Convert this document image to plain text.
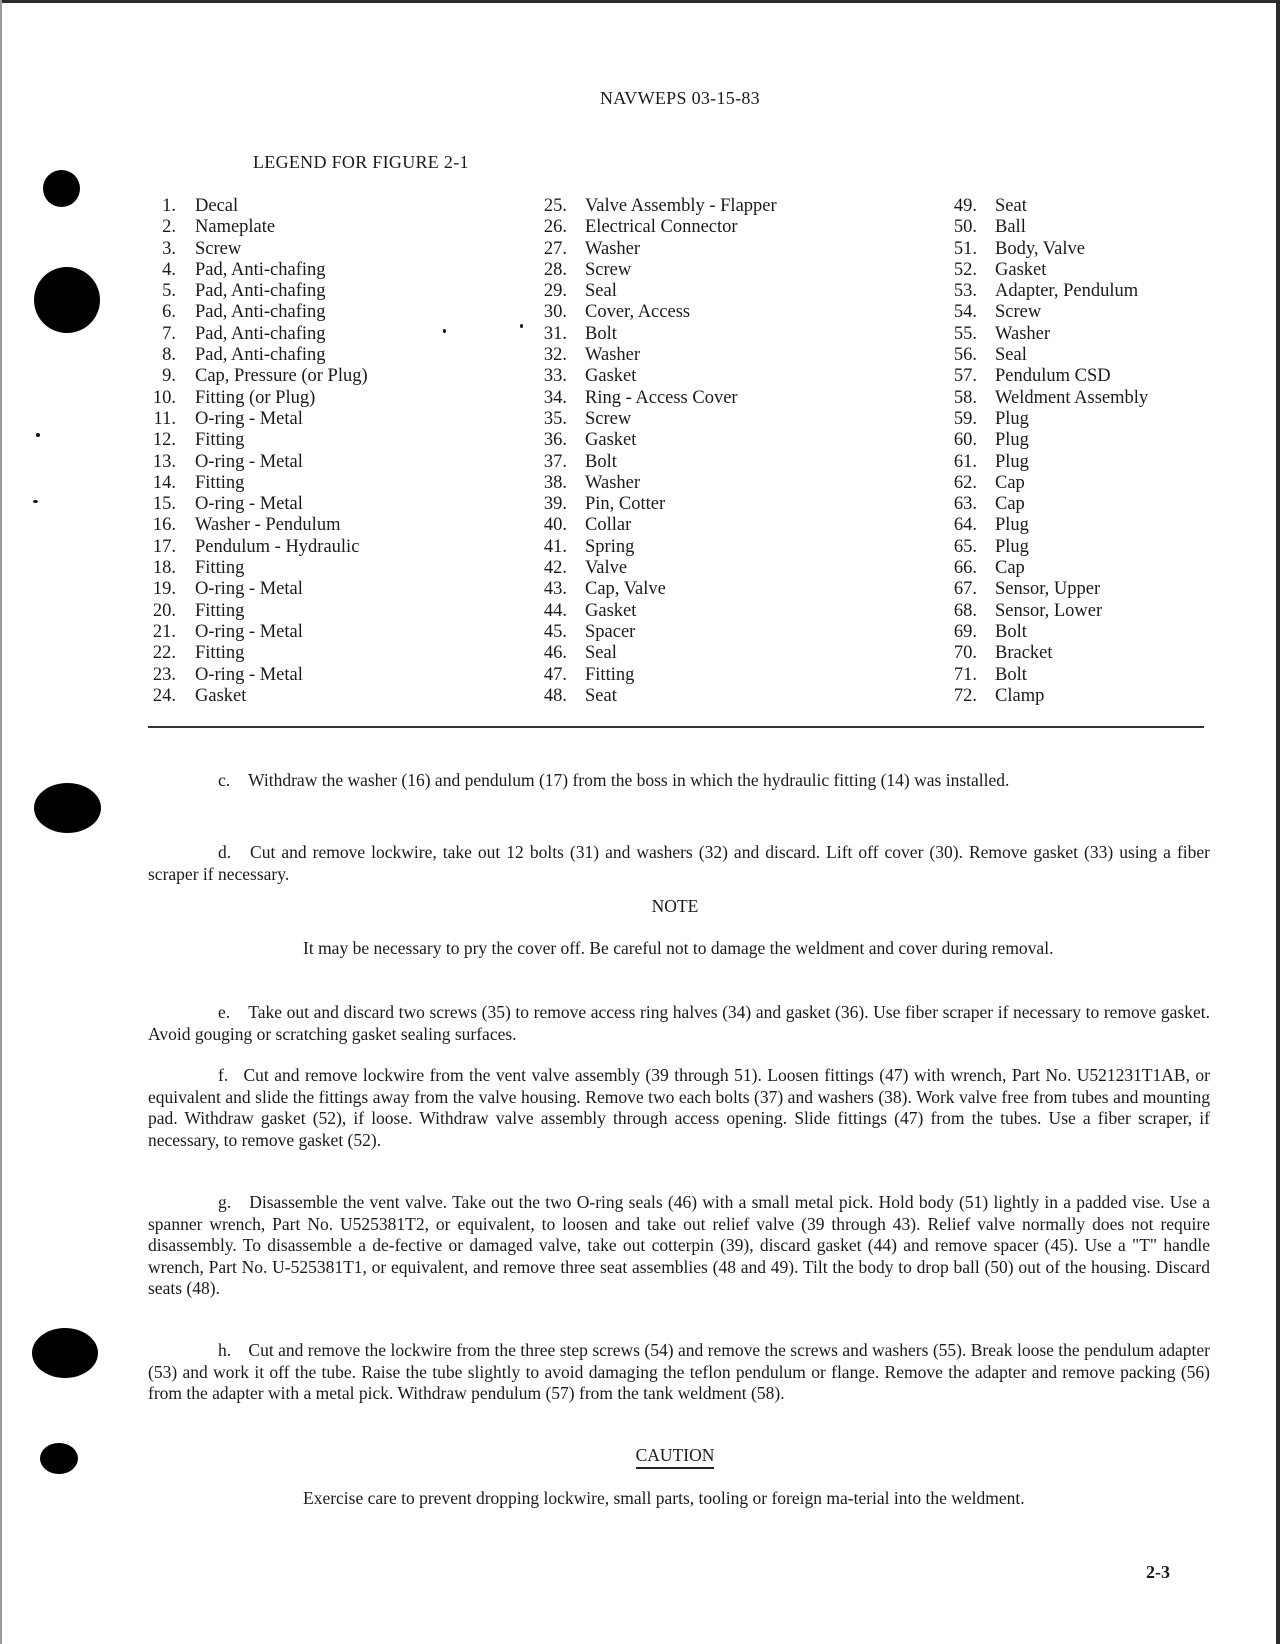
NAVWEPS 03-15-83
LEGEND FOR FIGURE 2-1
1. Decal
2. Nameplate
3. Screw
4. Pad, Anti-chafing
5. Pad, Anti-chafing
6. Pad, Anti-chafing
7. Pad, Anti-chafing
8. Pad, Anti-chafing
9. Cap, Pressure (or Plug)
10. Fitting (or Plug)
11. O-ring - Metal
12. Fitting
13. O-ring - Metal
14. Fitting
15. O-ring - Metal
16. Washer - Pendulum
17. Pendulum - Hydraulic
18. Fitting
19. O-ring - Metal
20. Fitting
21. O-ring - Metal
22. Fitting
23. O-ring - Metal
24. Gasket
25. Valve Assembly - Flapper
26. Electrical Connector
27. Washer
28. Screw
29. Seal
30. Cover, Access
31. Bolt
32. Washer
33. Gasket
34. Ring - Access Cover
35. Screw
36. Gasket
37. Bolt
38. Washer
39. Pin, Cotter
40. Collar
41. Spring
42. Valve
43. Cap, Valve
44. Gasket
45. Spacer
46. Seal
47. Fitting
48. Seat
49. Seat
50. Ball
51. Body, Valve
52. Gasket
53. Adapter, Pendulum
54. Screw
55. Washer
56. Seal
57. Pendulum CSD
58. Weldment Assembly
59. Plug
60. Plug
61. Plug
62. Cap
63. Cap
64. Plug
65. Plug
66. Cap
67. Sensor, Upper
68. Sensor, Lower
69. Bolt
70. Bracket
71. Bolt
72. Clamp
c. Withdraw the washer (16) and pendulum (17) from the boss in which the hydraulic fitting (14) was installed.
d. Cut and remove lockwire, take out 12 bolts (31) and washers (32) and discard. Lift off cover (30). Remove gasket (33) using a fiber scraper if necessary.
NOTE
It may be necessary to pry the cover off. Be careful not to damage the weldment and cover during removal.
e. Take out and discard two screws (35) to remove access ring halves (34) and gasket (36). Use fiber scraper if necessary to remove gasket. Avoid gouging or scratching gasket sealing surfaces.
f. Cut and remove lockwire from the vent valve assembly (39 through 51). Loosen fittings (47) with wrench, Part No. U521231T1AB, or equivalent and slide the fittings away from the valve housing. Remove two each bolts (37) and washers (38). Work valve free from tubes and mounting pad. Withdraw gasket (52), if loose. Withdraw valve assembly through access opening. Slide fittings (47) from the tubes. Use a fiber scraper, if necessary, to remove gasket (52).
g. Disassemble the vent valve. Take out the two O-ring seals (46) with a small metal pick. Hold body (51) lightly in a padded vise. Use a spanner wrench, Part No. U525381T2, or equivalent, to loosen and take out relief valve (39 through 43). Relief valve normally does not require disassembly. To disassemble a de-fective or damaged valve, take out cotterpin (39), discard gasket (44) and remove spacer (45). Use a "T" handle wrench, Part No. U-525381T1, or equivalent, and remove three seat assemblies (48 and 49). Tilt the body to drop ball (50) out of the housing. Discard seats (48).
h. Cut and remove the lockwire from the three step screws (54) and remove the screws and washers (55). Break loose the pendulum adapter (53) and work it off the tube. Raise the tube slightly to avoid damaging the teflon pendulum or flange. Remove the adapter and remove packing (56) from the adapter with a metal pick. Withdraw pendulum (57) from the tank weldment (58).
CAUTION
Exercise care to prevent dropping lockwire, small parts, tooling or foreign ma-terial into the weldment.
2-3
